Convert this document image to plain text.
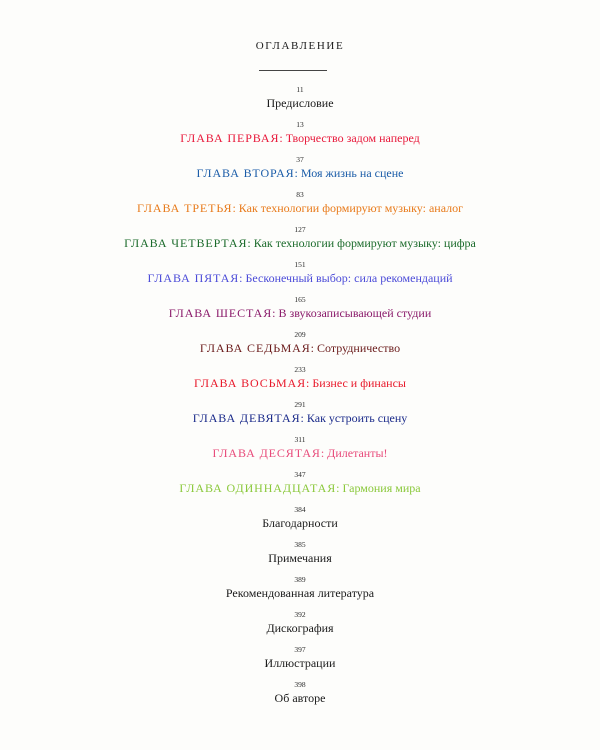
ОГЛАВЛЕНИЕ
11
Предисловие
13
ГЛАВА ПЕРВАЯ: Творчество задом наперед
37
ГЛАВА ВТОРАЯ: Моя жизнь на сцене
83
ГЛАВА ТРЕТЬЯ: Как технологии формируют музыку: аналог
127
ГЛАВА ЧЕТВЕРТАЯ: Как технологии формируют музыку: цифра
151
ГЛАВА ПЯТАЯ: Бесконечный выбор: сила рекомендаций
165
ГЛАВА ШЕСТАЯ: В звукозаписывающей студии
209
ГЛАВА СЕДЬМАЯ: Сотрудничество
233
ГЛАВА ВОСЬМАЯ: Бизнес и финансы
291
ГЛАВА ДЕВЯТАЯ: Как устроить сцену
311
ГЛАВА ДЕСЯТАЯ: Дилетанты!
347
ГЛАВА ОДИННАДЦАТАЯ: Гармония мира
384
Благодарности
385
Примечания
389
Рекомендованная литература
392
Дискография
397
Иллюстрации
398
Об авторе
